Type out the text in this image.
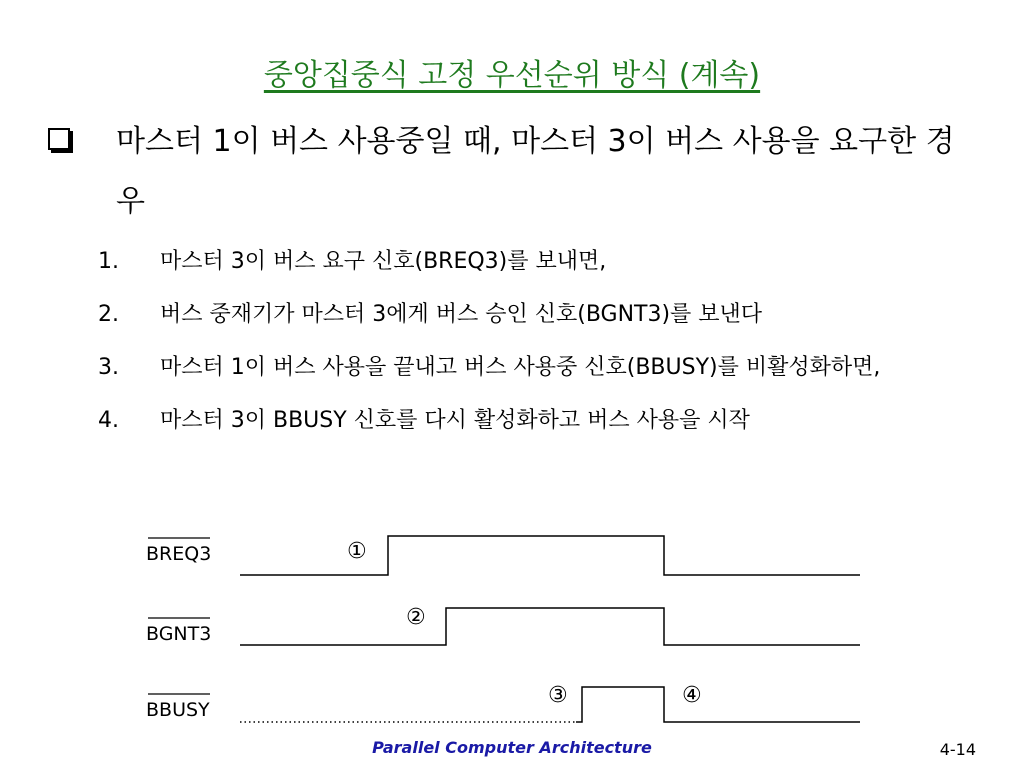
중앙집중식 고정 우선순위 방식 (계속)
마스터 1이 버스 사용중일 때, 마스터 3이 버스 사용을 요구한 경우
1. 마스터 3이 버스 요구 신호(BREQ3)를 보내면,
2. 버스 중재기가 마스터 3에게 버스 승인 신호(BGNT3)를 보낸다
3. 마스터 1이 버스 사용을 끝내고 버스 사용중 신호(BBUSY)를 비활성화하면,
4. 마스터 3이 BBUSY 신호를 다시 활성화하고 버스 사용을 시작
BREQ3
BGNT3
BBUSY
①
②
③	④
Parallel Computer Architecture	4-14
